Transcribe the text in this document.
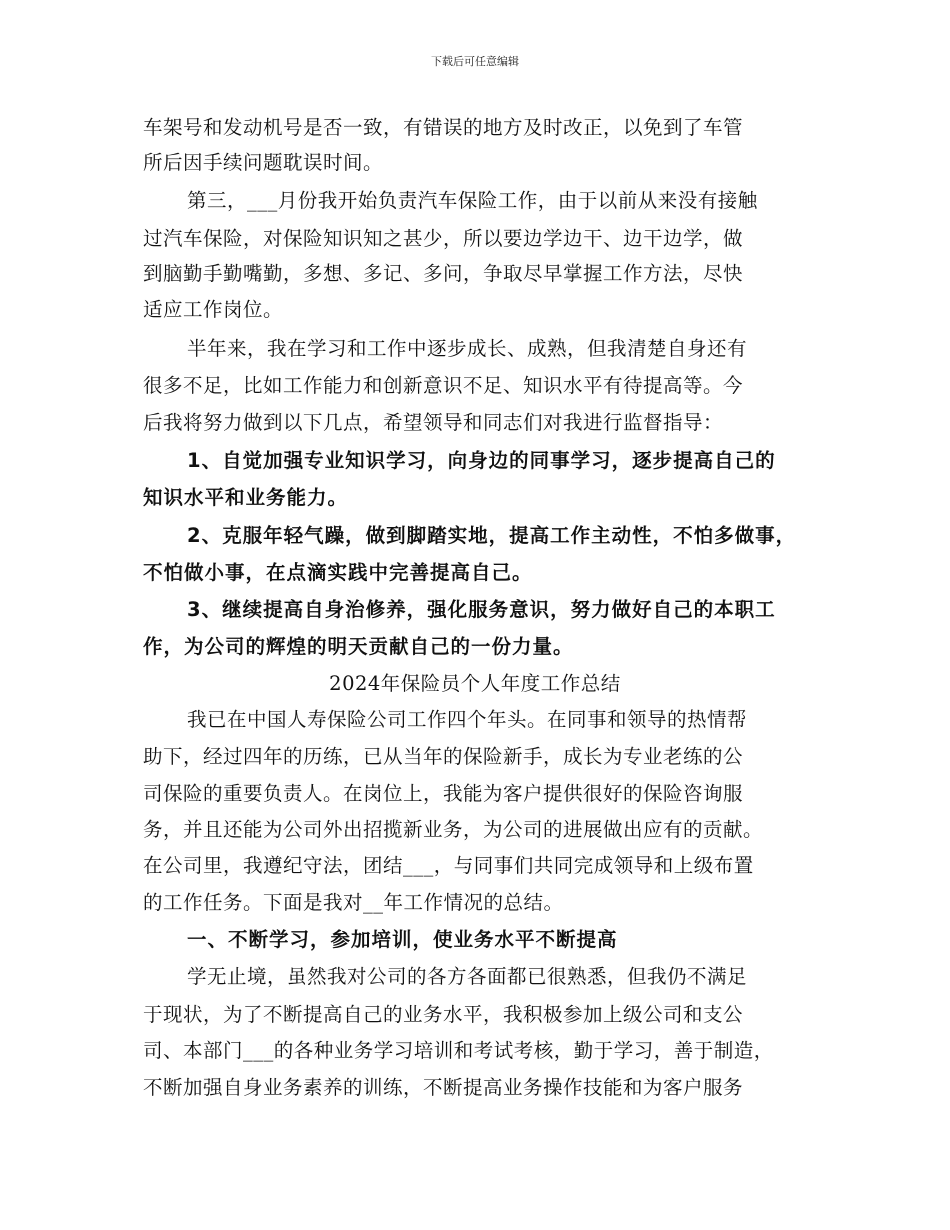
下载后可任意编辑
车架号和发动机号是否一致，有错误的地方及时改正，以免到了车管
所后因手续问题耽误时间。
第三，___月份我开始负责汽车保险工作，由于以前从来没有接触
过汽车保险，对保险知识知之甚少，所以要边学边干、边干边学，做
到脑勤手勤嘴勤，多想、多记、多问，争取尽早掌握工作方法，尽快
适应工作岗位。
半年来，我在学习和工作中逐步成长、成熟，但我清楚自身还有
很多不足，比如工作能力和创新意识不足、知识水平有待提高等。今
后我将努力做到以下几点，希望领导和同志们对我进行监督指导：
1、自觉加强专业知识学习，向身边的同事学习，逐步提高自己的
知识水平和业务能力。
2、克服年轻气躁，做到脚踏实地，提高工作主动性，不怕多做事，
不怕做小事，在点滴实践中完善提高自己。
3、继续提高自身治修养，强化服务意识，努力做好自己的本职工
作，为公司的辉煌的明天贡献自己的一份力量。
2024年保险员个人年度工作总结
我已在中国人寿保险公司工作四个年头。在同事和领导的热情帮
助下，经过四年的历练，已从当年的保险新手，成长为专业老练的公
司保险的重要负责人。在岗位上，我能为客户提供很好的保险咨询服
务，并且还能为公司外出招揽新业务，为公司的进展做出应有的贡献。
在公司里，我遵纪守法，团结___，与同事们共同完成领导和上级布置
的工作任务。下面是我对__年工作情况的总结。
一、不断学习，参加培训，使业务水平不断提高
学无止境，虽然我对公司的各方各面都已很熟悉，但我仍不满足
于现状，为了不断提高自己的业务水平，我积极参加上级公司和支公
司、本部门___的各种业务学习培训和考试考核，勤于学习，善于制造，
不断加强自身业务素养的训练，不断提高业务操作技能和为客户服务
